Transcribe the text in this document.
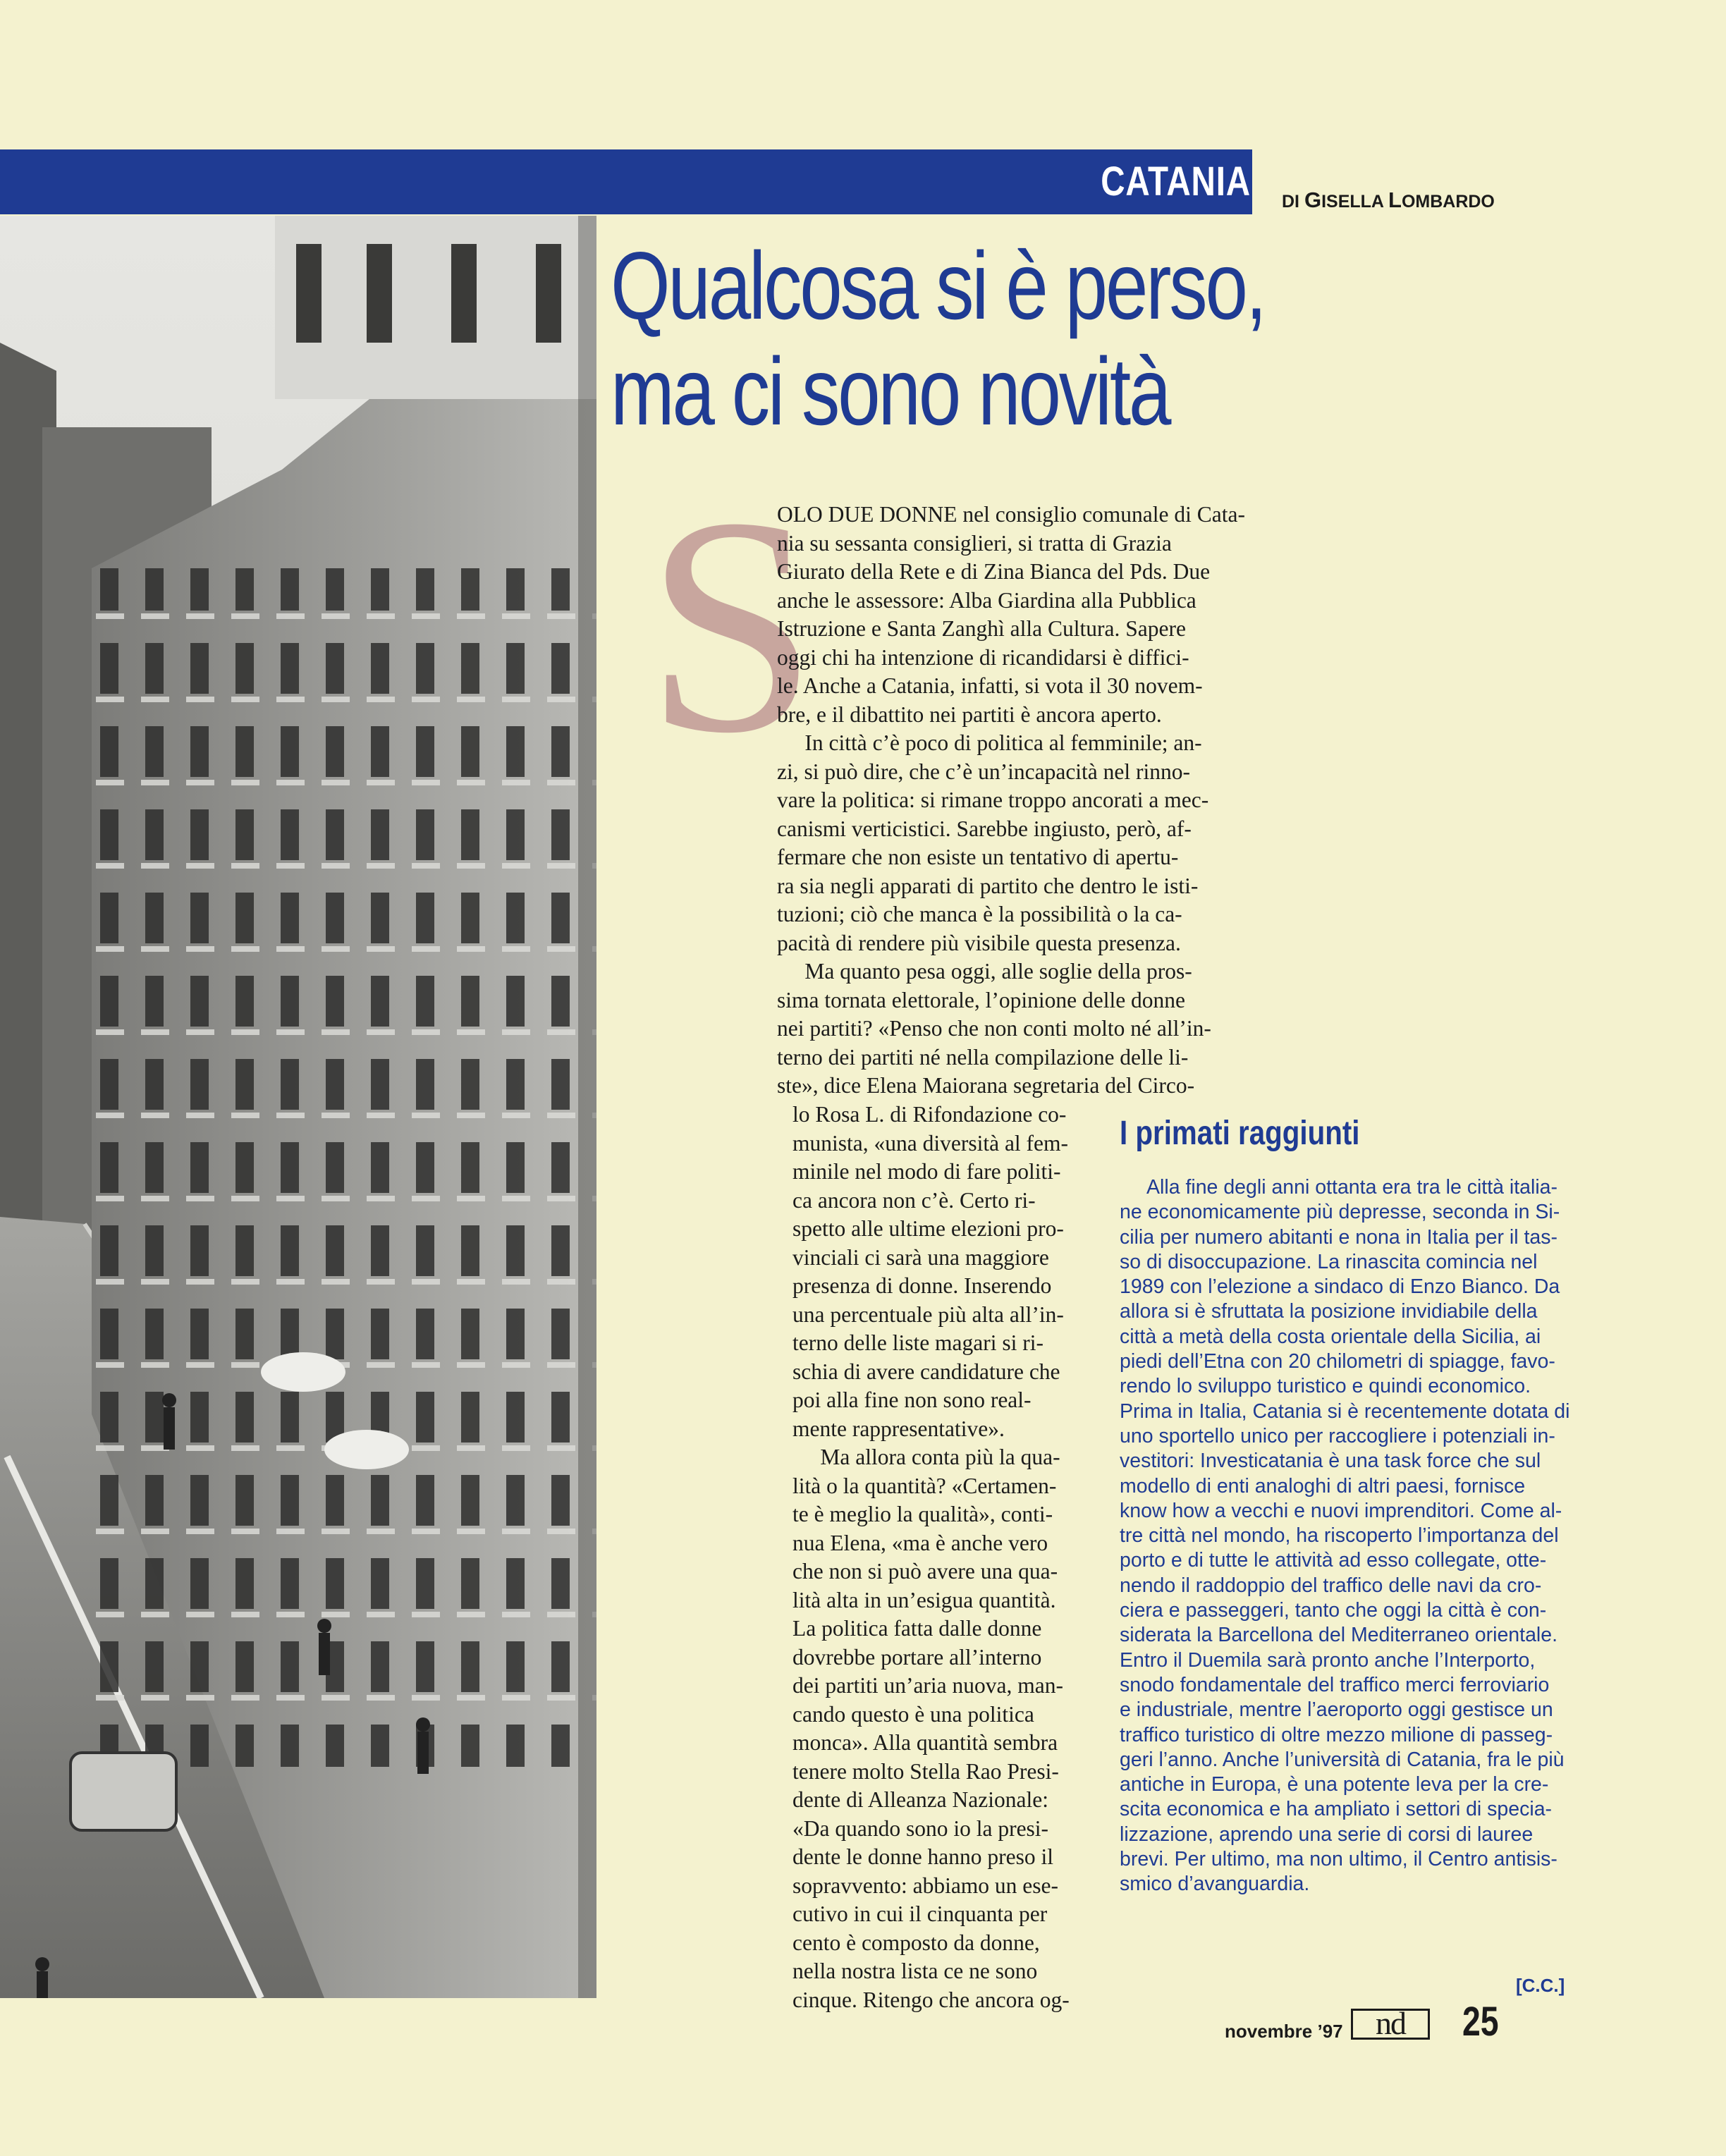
CATANIA DI GISELLA LOMBARDO

Qualcosa si è perso,
ma ci sono novità
S
OLO DUE DONNE nel consiglio comunale di Cata-
nia su sessanta consiglieri, si tratta di Grazia
Giurato della Rete e di Zina Bianca del Pds. Due
anche le assessore: Alba Giardina alla Pubblica
Istruzione e Santa Zanghì alla Cultura. Sapere
oggi chi ha intenzione di ricandidarsi è diffici-
le. Anche a Catania, infatti, si vota il 30 novem-
bre, e il dibattito nei partiti è ancora aperto.
In città c’è poco di politica al femminile; an-
zi, si può dire, che c’è un’incapacità nel rinno-
vare la politica: si rimane troppo ancorati a mec-
canismi verticistici. Sarebbe ingiusto, però, af-
fermare che non esiste un tentativo di apertu-
ra sia negli apparati di partito che dentro le isti-
tuzioni; ciò che manca è la possibilità o la ca-
pacità di rendere più visibile questa presenza.
Ma quanto pesa oggi, alle soglie della pros-
sima tornata elettorale, l’opinione delle donne
nei partiti? «Penso che non conti molto né all’in-
terno dei partiti né nella compilazione delle li-
ste», dice Elena Maiorana segretaria del Circo-
lo Rosa L. di Rifondazione co-
munista, «una diversità al fem-
minile nel modo di fare politi-
ca ancora non c’è. Certo ri-
spetto alle ultime elezioni pro-
vinciali ci sarà una maggiore
presenza di donne. Inserendo
una percentuale più alta all’in-
terno delle liste magari si ri-
schia di avere candidature che
poi alla fine non sono real-
mente rappresentative».
Ma allora conta più la qua-
lità o la quantità? «Certamen-
te è meglio la qualità», conti-
nua Elena, «ma è anche vero
che non si può avere una qua-
lità alta in un’esigua quantità.
La politica fatta dalle donne
dovrebbe portare all’interno
dei partiti un’aria nuova, man-
cando questo è una politica
monca». Alla quantità sembra
tenere molto Stella Rao Presi-
dente di Alleanza Nazionale:
«Da quando sono io la presi-
dente le donne hanno preso il
sopravvento: abbiamo un ese-
cutivo in cui il cinquanta per
cento è composto da donne,
nella nostra lista ce ne sono
cinque. Ritengo che ancora og-
I primati raggiunti
Alla fine degli anni ottanta era tra le città italia-
ne economicamente più depresse, seconda in Si-
cilia per numero abitanti e nona in Italia per il tas-
so di disoccupazione. La rinascita comincia nel
1989 con l’elezione a sindaco di Enzo Bianco. Da
allora si è sfruttata la posizione invidiabile della
città a metà della costa orientale della Sicilia, ai
piedi dell’Etna con 20 chilometri di spiagge, favo-
rendo lo sviluppo turistico e quindi economico.
Prima in Italia, Catania si è recentemente dotata di
uno sportello unico per raccogliere i potenziali in-
vestitori: Investicatania è una task force che sul
modello di enti analoghi di altri paesi, fornisce
know how a vecchi e nuovi imprenditori. Come al-
tre città nel mondo, ha riscoperto l’importanza del
porto e di tutte le attività ad esso collegate, otte-
nendo il raddoppio del traffico delle navi da cro-
ciera e passeggeri, tanto che oggi la città è con-
siderata la Barcellona del Mediterraneo orientale.
Entro il Duemila sarà pronto anche l’Interporto,
snodo fondamentale del traffico merci ferroviario
e industriale, mentre l’aeroporto oggi gestisce un
traffico turistico di oltre mezzo milione di passeg-
geri l’anno. Anche l’università di Catania, fra le più
antiche in Europa, è una potente leva per la cre-
scita economica e ha ampliato i settori di specia-
lizzazione, aprendo una serie di corsi di lauree
brevi. Per ultimo, ma non ultimo, il Centro antisis-
smico d’avanguardia.
[C.C.]
novembre ’97	nd	25
